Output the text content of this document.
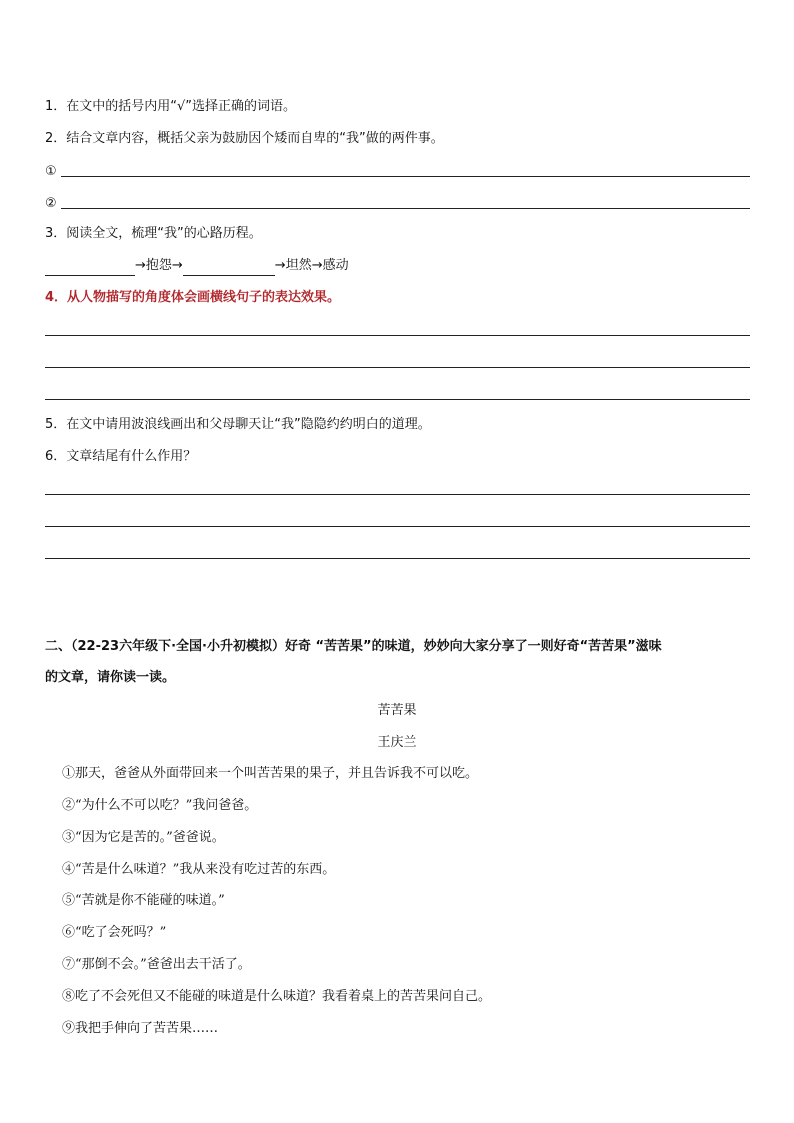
1．在文中的括号内用“√”选择正确的词语。
2．结合文章内容，概括父亲为鼓励因个矮而自卑的“我”做的两件事。
①
②
3．阅读全文，梳理“我”的心路历程。
→抱怨→	→坦然→感动
4．从人物描写的角度体会画横线句子的表达效果。
5．在文中请用波浪线画出和父母聊天让“我”隐隐约约明白的道理。
6．文章结尾有什么作用？
二、（22-23六年级下·全国·小升初模拟）好奇 “苦苦果”的味道，妙妙向大家分享了一则好奇“苦苦果”滋味
的文章，请你读一读。
苦苦果
王庆兰
①那天，爸爸从外面带回来一个叫苦苦果的果子，并且告诉我不可以吃。
②“为什么不可以吃？”我问爸爸。
③“因为它是苦的。”爸爸说。
④“苦是什么味道？”我从来没有吃过苦的东西。
⑤“苦就是你不能碰的味道。”
⑥“吃了会死吗？”
⑦“那倒不会。”爸爸出去干活了。
⑧吃了不会死但又不能碰的味道是什么味道？我看着桌上的苦苦果问自己。
⑨我把手伸向了苦苦果……
